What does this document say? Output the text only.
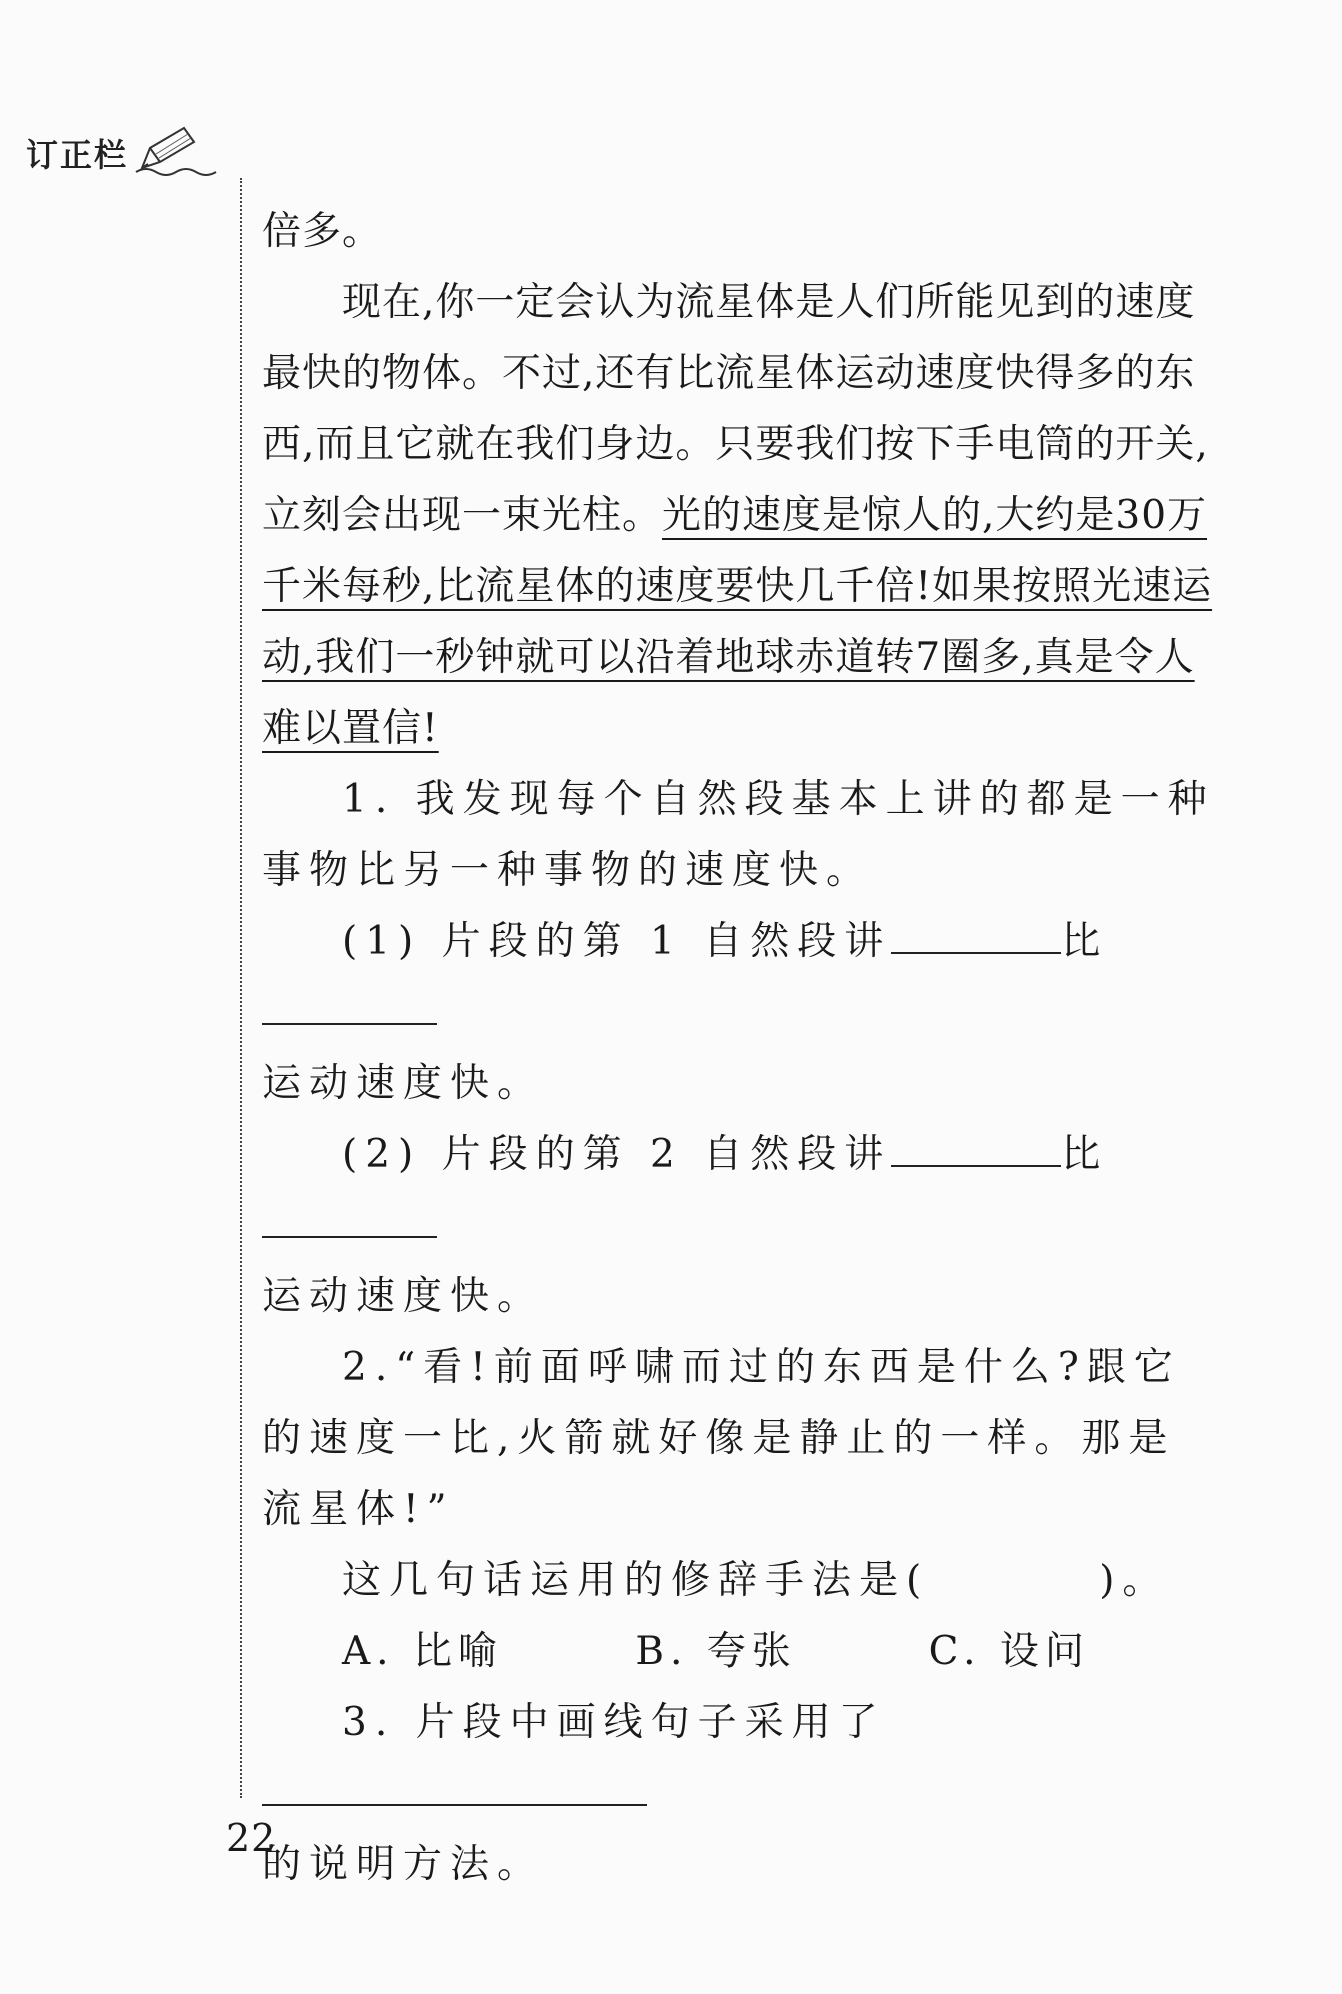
订正栏

倍多。

现在,你一定会认为流星体是人们所能见到的速度最快的物体。不过,还有比流星体运动速度快得多的东西,而且它就在我们身边。只要我们按下手电筒的开关,立刻会出现一束光柱。光的速度是惊人的,大约是30万千米每秒,比流星体的速度要快几千倍!如果按照光速运动,我们一秒钟就可以沿着地球赤道转7圈多,真是令人难以置信!

1. 我发现每个自然段基本上讲的都是一种事物比另一种事物的速度快。

(1) 片段的第 1 自然段讲	比
运动速度快。

(2) 片段的第 2 自然段讲	比
运动速度快。

2.“看!前面呼啸而过的东西是什么?跟它的速度一比,火箭就好像是静止的一样。那是流星体!”

这几句话运用的修辞手法是(	)。

A. 比喻	B. 夸张	C. 设问

3. 片段中画线句子采用了
的说明方法。

22
